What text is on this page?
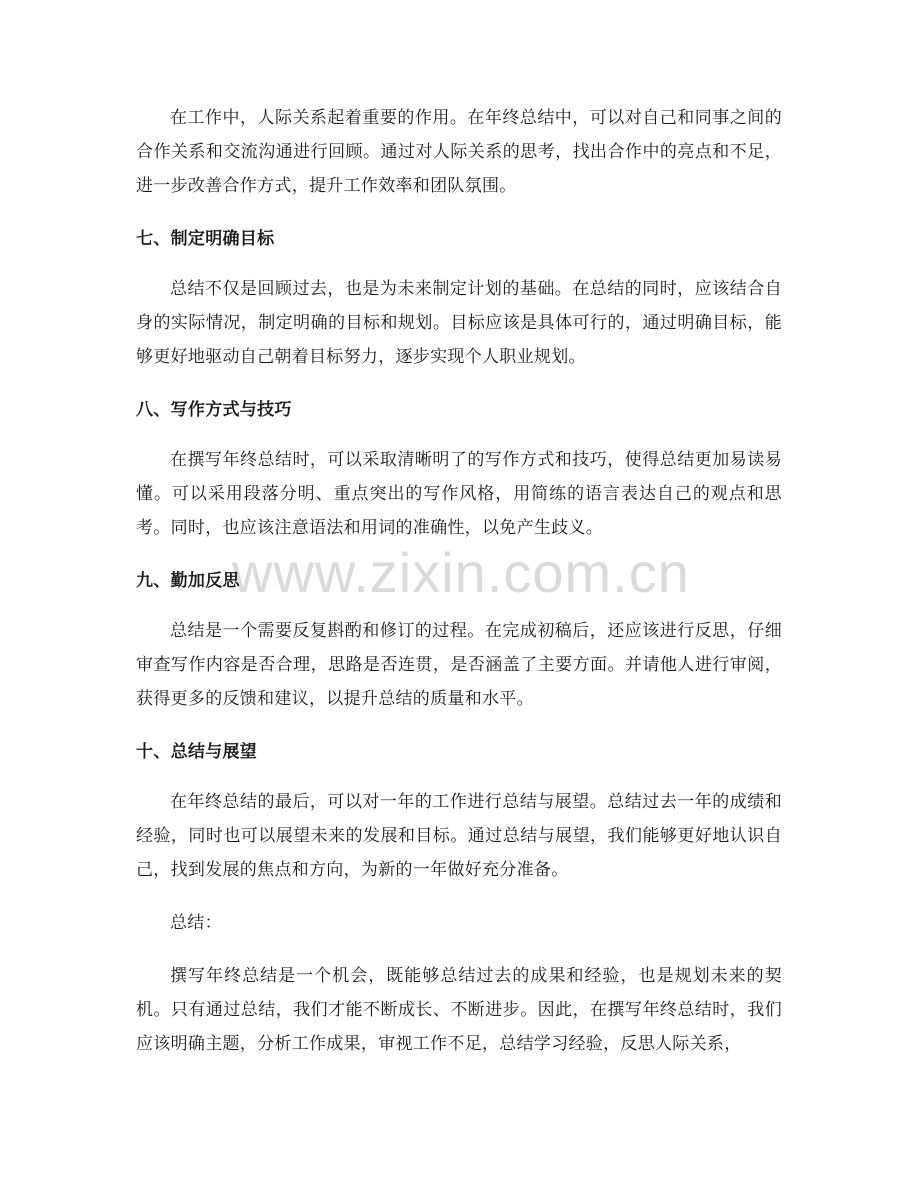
www.zixin.com.cn

在工作中，人际关系起着重要的作用。在年终总结中，可以对自己和同事之间的合作关系和交流沟通进行回顾。通过对人际关系的思考，找出合作中的亮点和不足，进一步改善合作方式，提升工作效率和团队氛围。

七、制定明确目标

总结不仅是回顾过去，也是为未来制定计划的基础。在总结的同时，应该结合自身的实际情况，制定明确的目标和规划。目标应该是具体可行的，通过明确目标，能够更好地驱动自己朝着目标努力，逐步实现个人职业规划。

八、写作方式与技巧

在撰写年终总结时，可以采取清晰明了的写作方式和技巧，使得总结更加易读易懂。可以采用段落分明、重点突出的写作风格，用简练的语言表达自己的观点和思考。同时，也应该注意语法和用词的准确性，以免产生歧义。

九、勤加反思

总结是一个需要反复斟酌和修订的过程。在完成初稿后，还应该进行反思，仔细审查写作内容是否合理，思路是否连贯，是否涵盖了主要方面。并请他人进行审阅，获得更多的反馈和建议，以提升总结的质量和水平。

十、总结与展望

在年终总结的最后，可以对一年的工作进行总结与展望。总结过去一年的成绩和经验，同时也可以展望未来的发展和目标。通过总结与展望，我们能够更好地认识自己，找到发展的焦点和方向，为新的一年做好充分准备。

总结：

撰写年终总结是一个机会，既能够总结过去的成果和经验，也是规划未来的契机。只有通过总结，我们才能不断成长、不断进步。因此，在撰写年终总结时，我们应该明确主题，分析工作成果，审视工作不足，总结学习经验，反思人际关系，
